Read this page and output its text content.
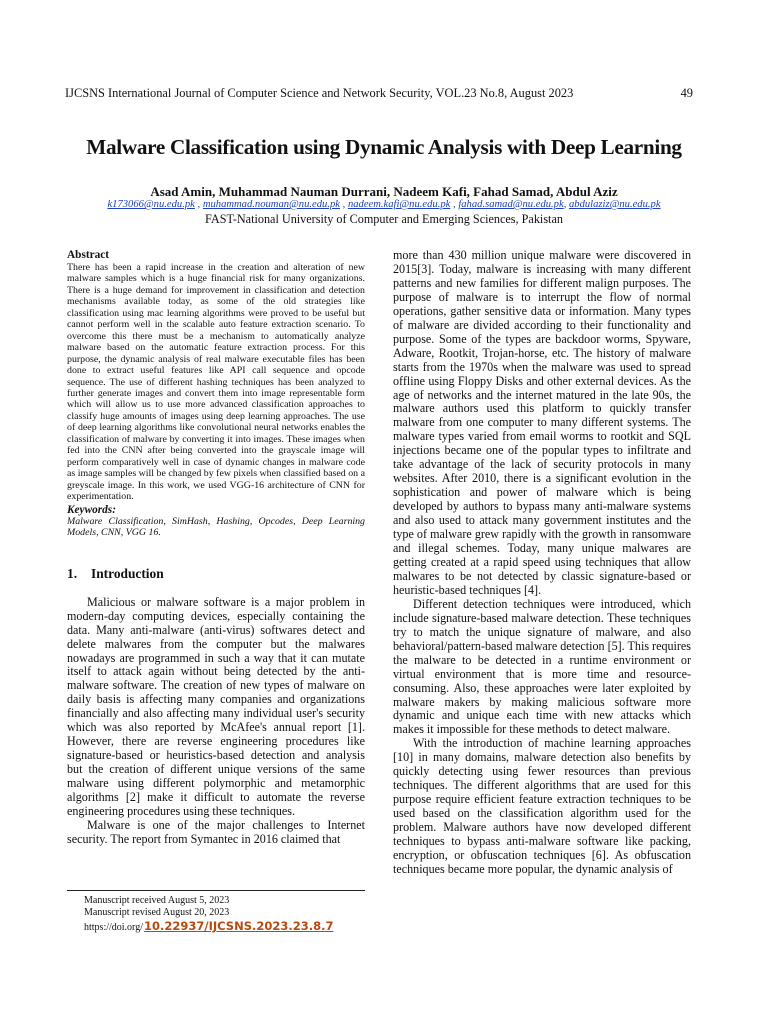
IJCSNS International Journal of Computer Science and Network Security, VOL.23 No.8, August 2023	49
Malware Classification using Dynamic Analysis with Deep Learning
Asad Amin, Muhammad Nauman Durrani, Nadeem Kafi, Fahad Samad, Abdul Aziz
k173066@nu.edu.pk , muhammad.nouman@nu.edu.pk , nadeem.kafi@nu.edu.pk , fahad.samad@nu.edu.pk, abdulaziz@nu.edu.pk
FAST-National University of Computer and Emerging Sciences, Pakistan
Abstract
There has been a rapid increase in the creation and alteration of new malware samples which is a huge financial risk for many organizations. There is a huge demand for improvement in classification and detection mechanisms available today, as some of the old strategies like classification using mac learning algorithms were proved to be useful but cannot perform well in the scalable auto feature extraction scenario. To overcome this there must be a mechanism to automatically analyze malware based on the automatic feature extraction process. For this purpose, the dynamic analysis of real malware executable files has been done to extract useful features like API call sequence and opcode sequence. The use of different hashing techniques has been analyzed to further generate images and convert them into image representable form which will allow us to use more advanced classification approaches to classify huge amounts of images using deep learning approaches. The use of deep learning algorithms like convolutional neural networks enables the classification of malware by converting it into images. These images when fed into the CNN after being converted into the grayscale image will perform comparatively well in case of dynamic changes in malware code as image samples will be changed by few pixels when classified based on a greyscale image. In this work, we used VGG-16 architecture of CNN for experimentation.
Keywords:
Malware Classification, SimHash, Hashing, Opcodes, Deep Learning Models, CNN, VGG 16.
1. Introduction

Malicious or malware software is a major problem in modern-day computing devices, especially containing the data. Many anti-malware (anti-virus) softwares detect and delete malwares from the computer but the malwares nowadays are programmed in such a way that it can mutate itself to attack again without being detected by the anti-malware software. The creation of new types of malware on daily basis is affecting many companies and organizations financially and also affecting many individual user's security which was also reported by McAfee's annual report [1]. However, there are reverse engineering procedures like signature-based or heuristics-based detection and analysis but the creation of different unique versions of the same malware using different polymorphic and metamorphic algorithms [2] make it difficult to automate the reverse engineering procedures using these techniques.

Malware is one of the major challenges to Internet security. The report from Symantec in 2016 claimed that

more than 430 million unique malware were discovered in 2015[3]. Today, malware is increasing with many different patterns and new families for different malign purposes. The purpose of malware is to interrupt the flow of normal operations, gather sensitive data or information. Many types of malware are divided according to their functionality and purpose. Some of the types are backdoor worms, Spyware, Adware, Rootkit, Trojan-horse, etc. The history of malware starts from the 1970s when the malware was used to spread offline using Floppy Disks and other external devices. As the age of networks and the internet matured in the late 90s, the malware authors used this platform to quickly transfer malware from one computer to many different systems. The malware types varied from email worms to rootkit and SQL injections became one of the popular types to infiltrate and take advantage of the lack of security protocols in many websites. After 2010, there is a significant evolution in the sophistication and power of malware which is being developed by authors to bypass many anti-malware systems and also used to attack many government institutes and the type of malware grew rapidly with the growth in ransomware and illegal schemes. Today, many unique malwares are getting created at a rapid speed using techniques that allow malwares to be not detected by classic signature-based or heuristic-based techniques [4].

Different detection techniques were introduced, which include signature-based malware detection. These techniques try to match the unique signature of malware, and also behavioral/pattern-based malware detection [5]. This requires the malware to be detected in a runtime environment or virtual environment that is more time and resource-consuming. Also, these approaches were later exploited by malware makers by making malicious software more dynamic and unique each time with new attacks which makes it impossible for these methods to detect malware.

With the introduction of machine learning approaches [10] in many domains, malware detection also benefits by quickly detecting using fewer resources than previous techniques. The different algorithms that are used for this purpose require efficient feature extraction techniques to be used based on the classification algorithm used for the problem. Malware authors have now developed different techniques to bypass anti-malware software like packing, encryption, or obfuscation techniques [6]. As obfuscation techniques became more popular, the dynamic analysis of

Manuscript received August 5, 2023
Manuscript revised August 20, 2023
https://doi.org/ 10.22937/IJCSNS.2023.23.8.7
